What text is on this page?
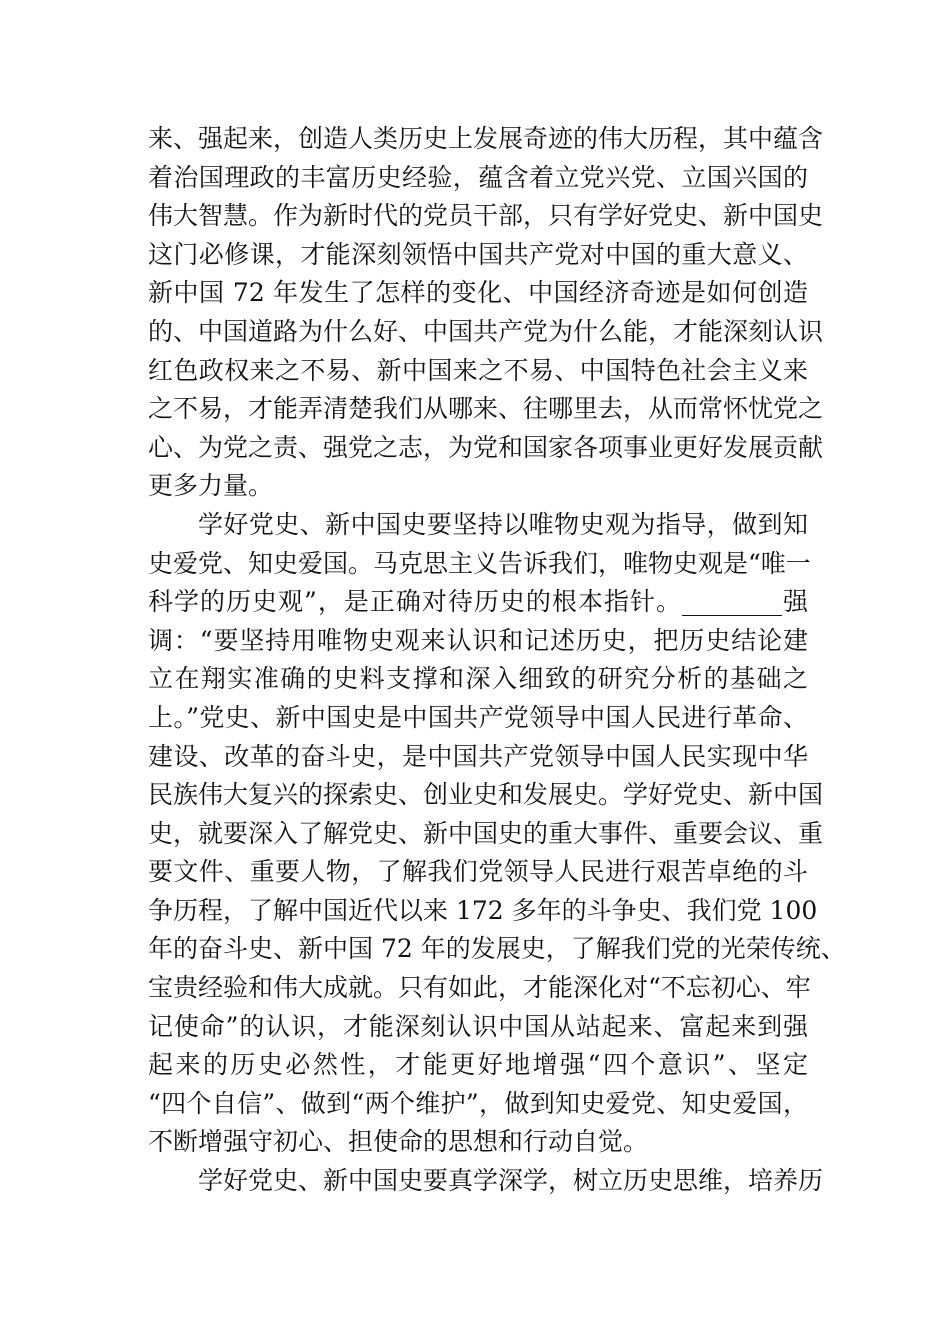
来、强起来，创造人类历史上发展奇迹的伟大历程，其中蕴含
着治国理政的丰富历史经验，蕴含着立党兴党、立国兴国的
伟大智慧。作为新时代的党员干部，只有学好党史、新中国史
这门必修课，才能深刻领悟中国共产党对中国的重大意义、
新中国 72 年发生了怎样的变化、中国经济奇迹是如何创造
的、中国道路为什么好、中国共产党为什么能，才能深刻认识
红色政权来之不易、新中国来之不易、中国特色社会主义来
之不易，才能弄清楚我们从哪来、往哪里去，从而常怀忧党之
心、为党之责、强党之志，为党和国家各项事业更好发展贡献
更多力量。
学好党史、新中国史要坚持以唯物史观为指导，做到知
史爱党、知史爱国。马克思主义告诉我们，唯物史观是“唯一
科学的历史观”，是正确对待历史的根本指针。________强
调：“要坚持用唯物史观来认识和记述历史，把历史结论建
立在翔实准确的史料支撑和深入细致的研究分析的基础之
上。”党史、新中国史是中国共产党领导中国人民进行革命、
建设、改革的奋斗史，是中国共产党领导中国人民实现中华
民族伟大复兴的探索史、创业史和发展史。学好党史、新中国
史，就要深入了解党史、新中国史的重大事件、重要会议、重
要文件、重要人物，了解我们党领导人民进行艰苦卓绝的斗
争历程，了解中国近代以来 172 多年的斗争史、我们党 100
年的奋斗史、新中国 72 年的发展史，了解我们党的光荣传统、
宝贵经验和伟大成就。只有如此，才能深化对“不忘初心、牢
记使命”的认识，才能深刻认识中国从站起来、富起来到强
起来的历史必然性，才能更好地增强“四个意识”、坚定
“四个自信”、做到“两个维护”，做到知史爱党、知史爱国，
不断增强守初心、担使命的思想和行动自觉。
学好党史、新中国史要真学深学，树立历史思维，培养历
